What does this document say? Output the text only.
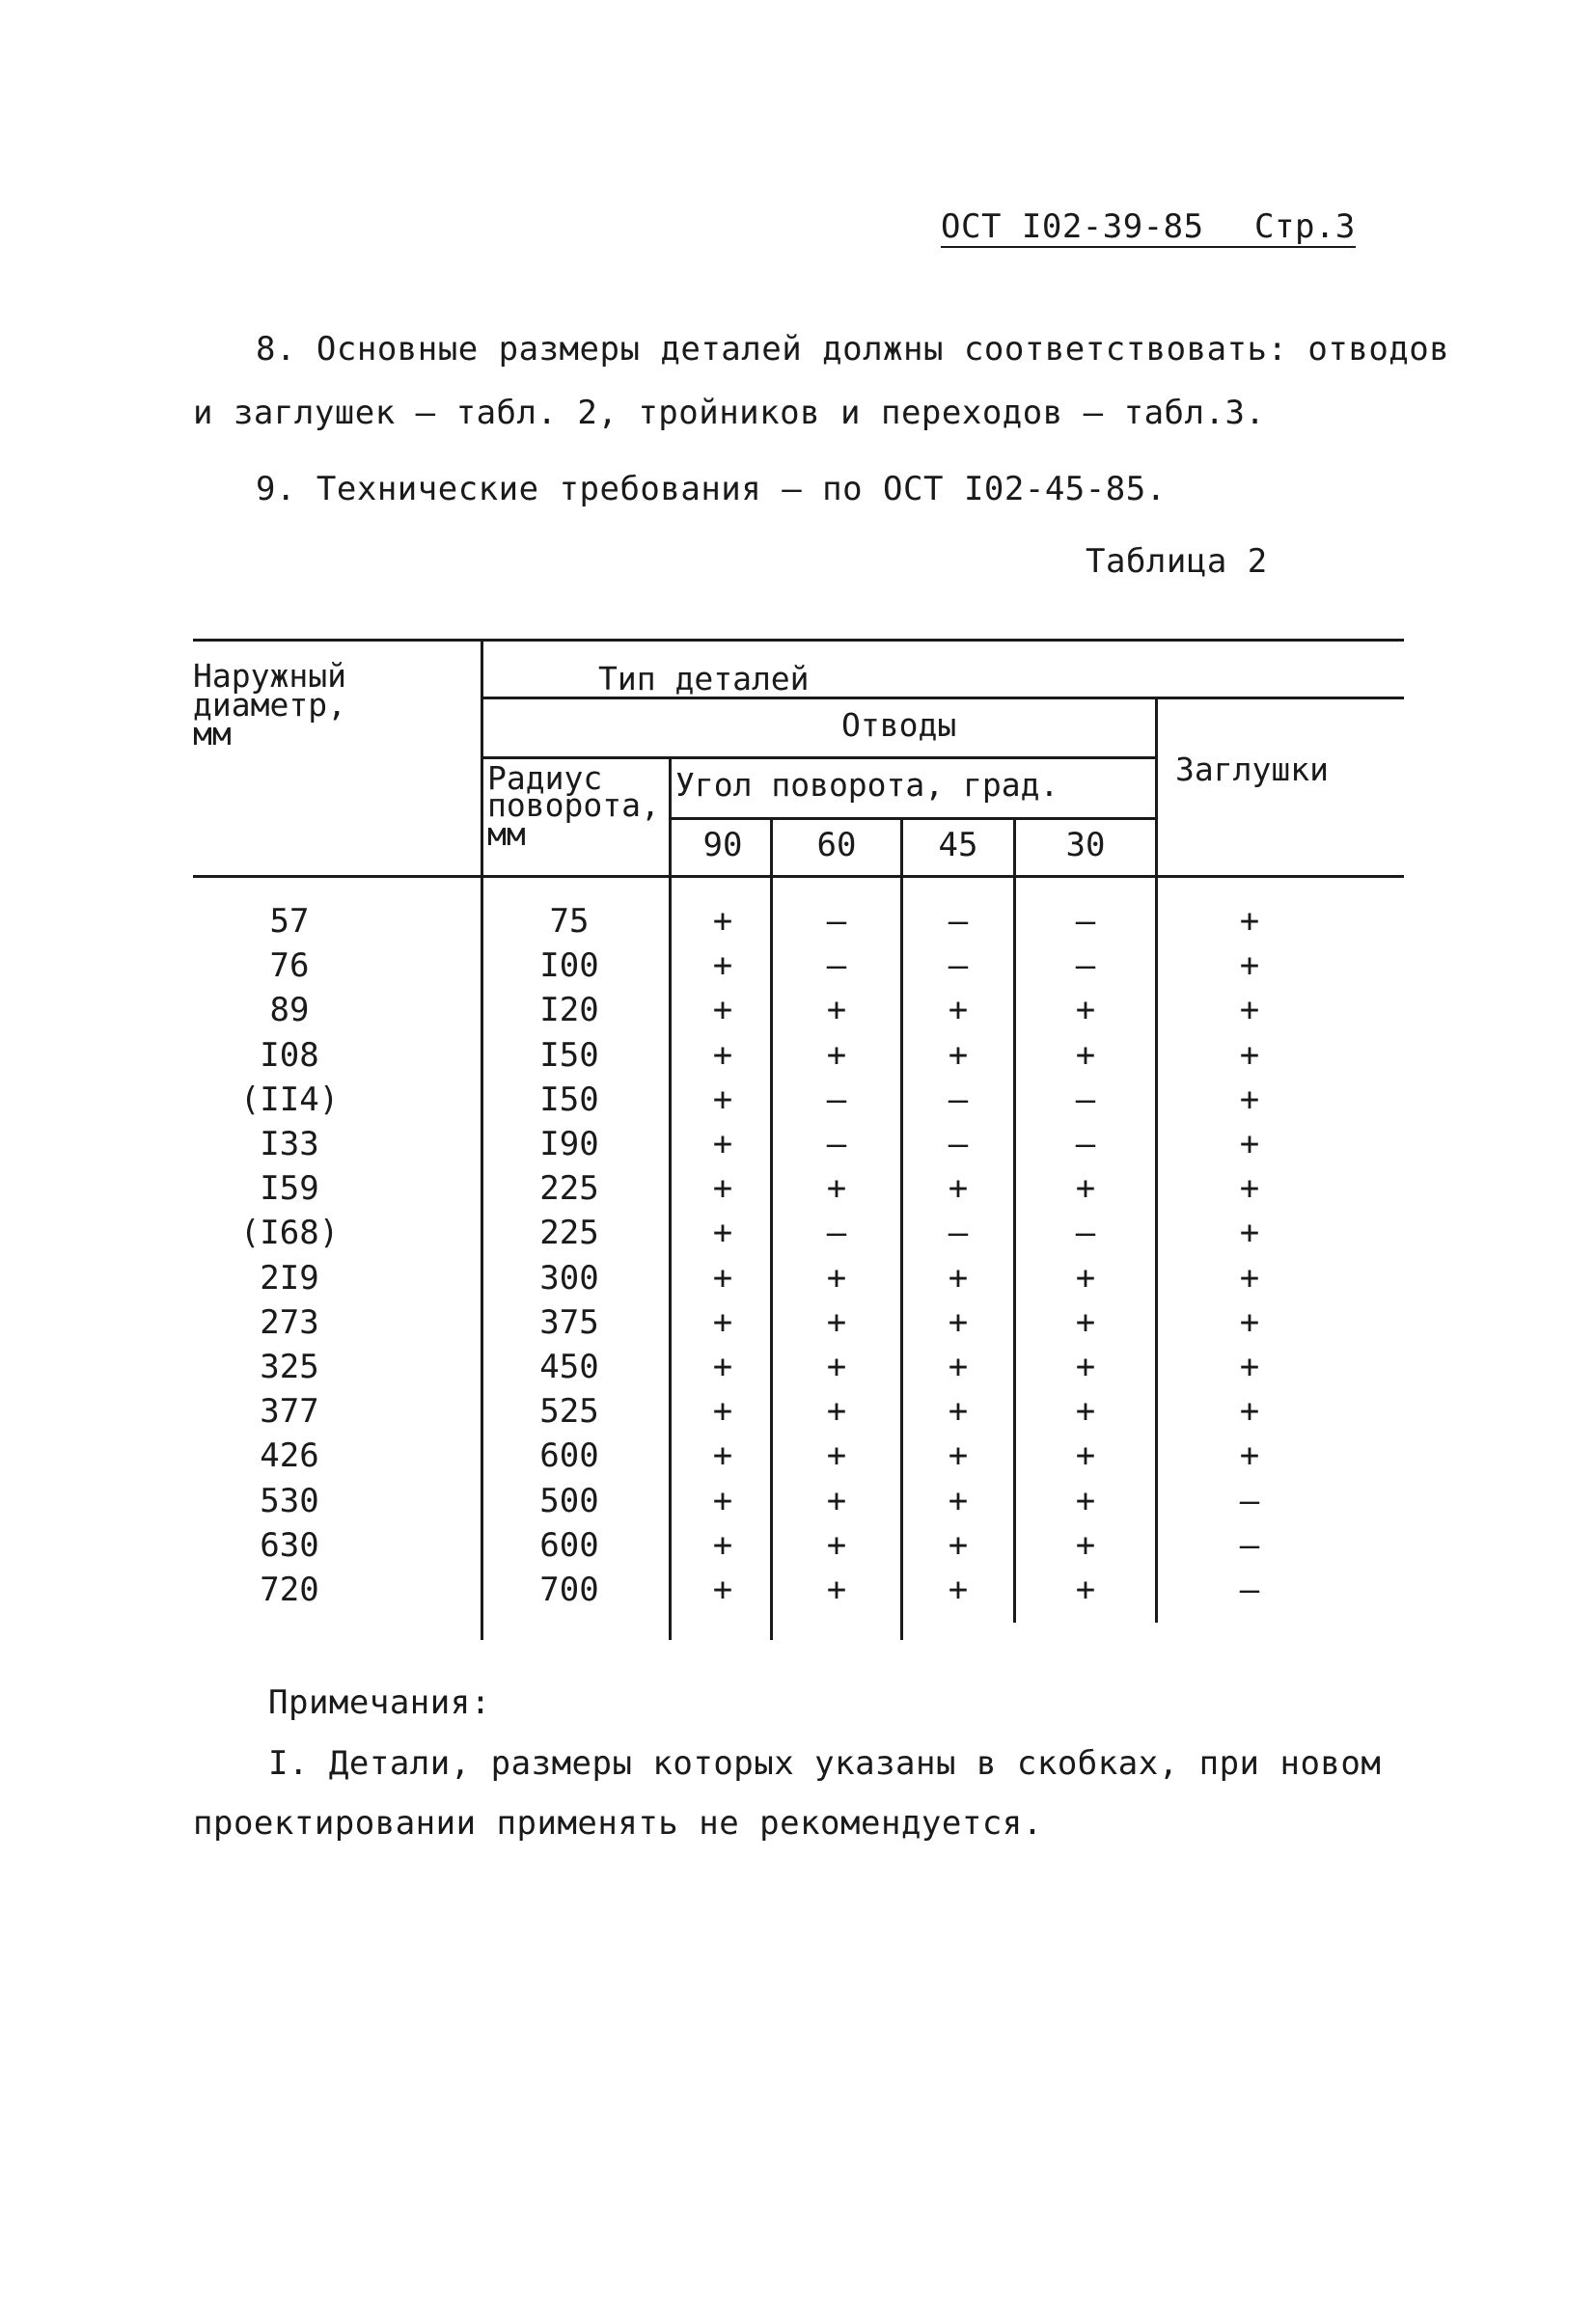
ОСТ I02-39-85 Стр.3
8. Основные размеры деталей должны соответствовать: отводов
и заглушек – табл. 2, тройников и переходов – табл.3.
9. Технические требования – по ОСТ I02-45-85.
Таблица 2
Наружный
диаметр,
мм
Тип деталей
Отводы
Заглушки
Радиус
поворота,
мм
Угол поворота, град.
90	60	45	30
57	75	+	–	–	–	+
76	I00	+	–	–	–	+
89	I20	+	+	+	+	+
I08	I50	+	+	+	+	+
(II4)	I50	+	–	–	–	+
I33	I90	+	–	–	–	+
I59	225	+	+	+	+	+
(I68)	225	+	–	–	–	+
2I9	300	+	+	+	+	+
273	375	+	+	+	+	+
325	450	+	+	+	+	+
377	525	+	+	+	+	+
426	600	+	+	+	+	+
530	500	+	+	+	+	–
630	600	+	+	+	+	–
720	700	+	+	+	+	–
Примечания:
I. Детали, размеры которых указаны в скобках, при новом
проектировании применять не рекомендуется.
